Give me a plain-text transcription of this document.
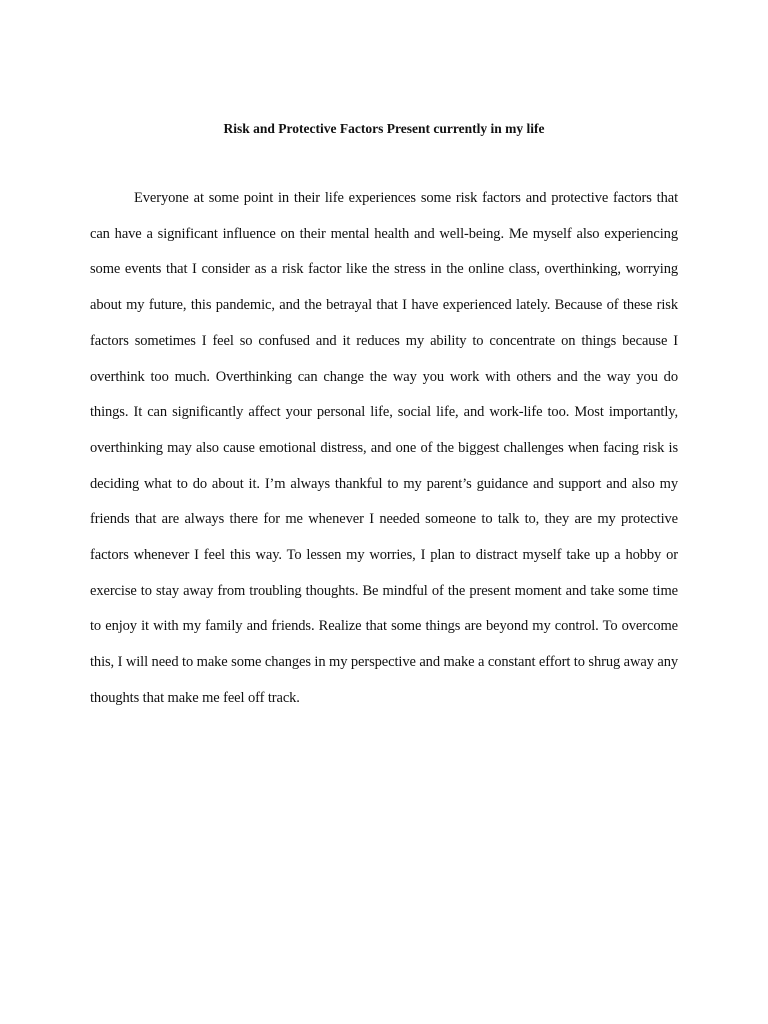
Risk and Protective Factors Present currently in my life

Everyone at some point in their life experiences some risk factors and protective factors that can have a significant influence on their mental health and well-being. Me myself also experiencing some events that I consider as a risk factor like the stress in the online class, overthinking, worrying about my future, this pandemic, and the betrayal that I have experienced lately. Because of these risk factors sometimes I feel so confused and it reduces my ability to concentrate on things because I overthink too much. Overthinking can change the way you work with others and the way you do things. It can significantly affect your personal life, social life, and work-life too. Most importantly, overthinking may also cause emotional distress, and one of the biggest challenges when facing risk is deciding what to do about it. I’m always thankful to my parent’s guidance and support and also my friends that are always there for me whenever I needed someone to talk to, they are my protective factors whenever I feel this way. To lessen my worries, I plan to distract myself take up a hobby or exercise to stay away from troubling thoughts. Be mindful of the present moment and take some time to enjoy it with my family and friends. Realize that some things are beyond my control. To overcome this, I will need to make some changes in my perspective and make a constant effort to shrug away any thoughts that make me feel off track.
